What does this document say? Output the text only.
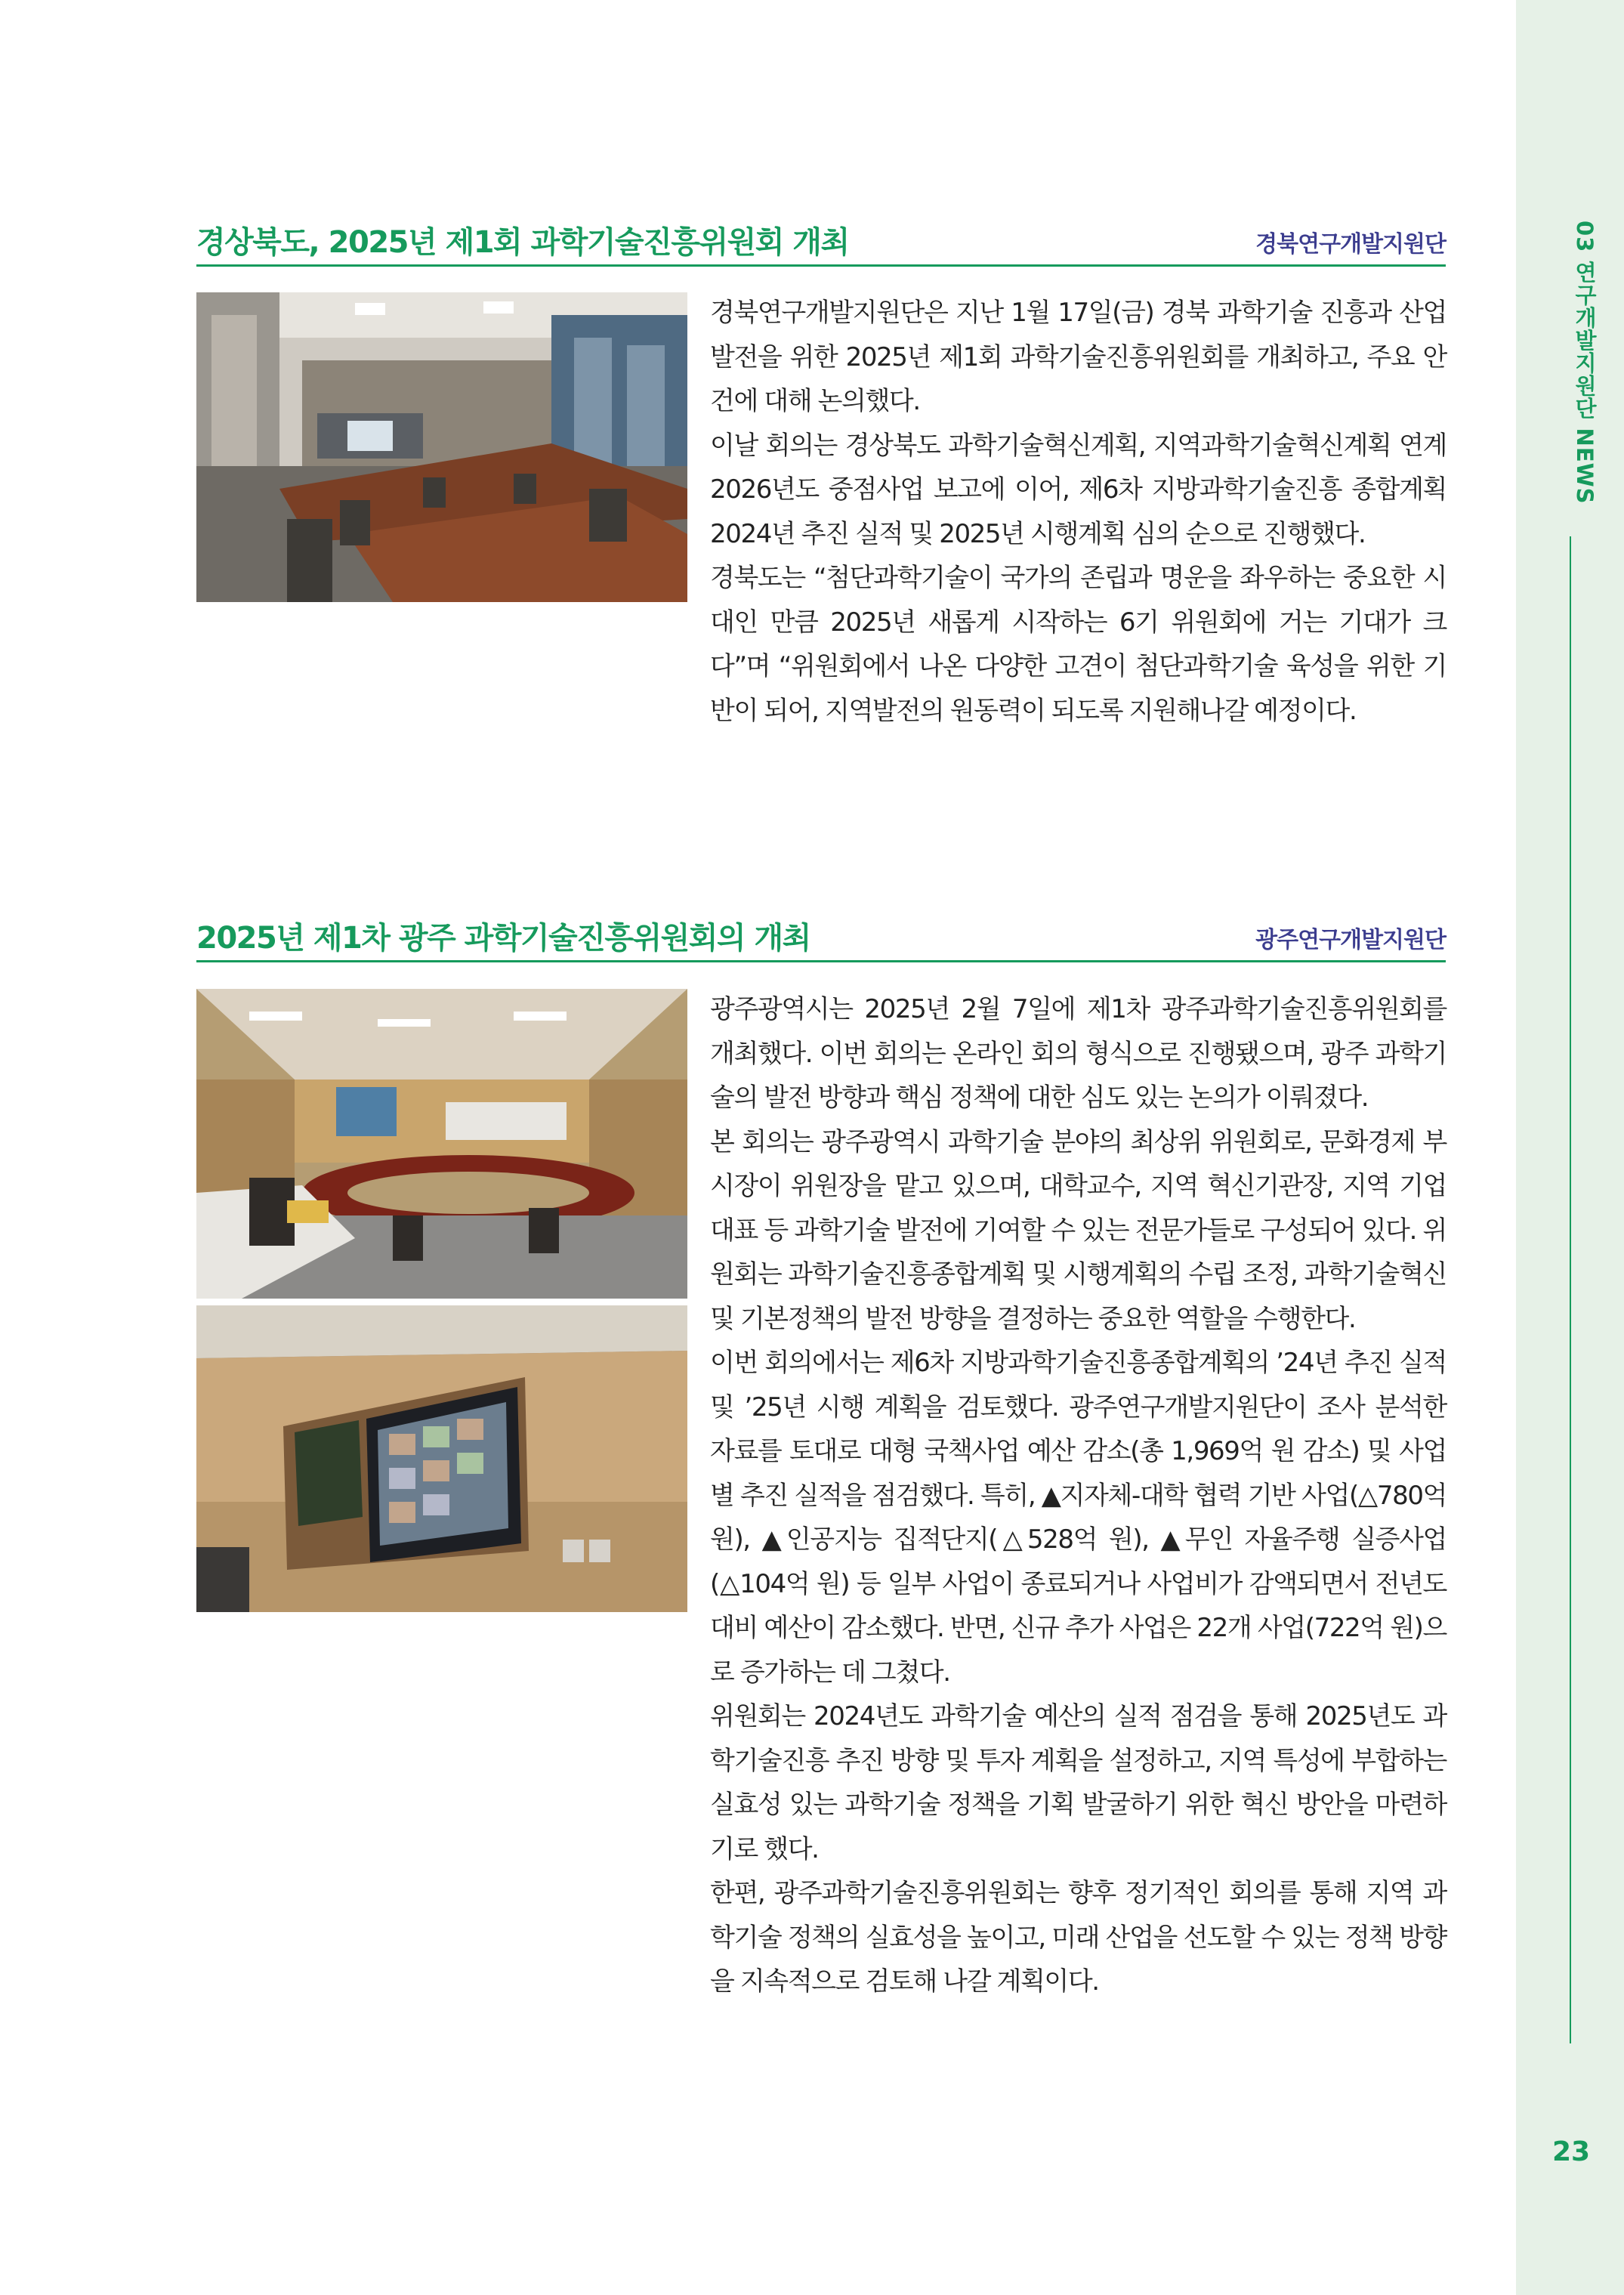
03 연구개발지원단 NEWS
23
경상북도, 2025년 제1회 과학기술진흥위원회 개최	경북연구개발지원단

경북연구개발지원단은 지난 1월 17일(금) 경북 과학기술 진흥과 산업 발전을 위한 2025년 제1회 과학기술진흥위원회를 개최하고, 주요 안건에 대해 논의했다.

이날 회의는 경상북도 과학기술혁신계획, 지역과학기술혁신계획 연계 2026년도 중점사업 보고에 이어, 제6차 지방과학기술진흥 종합계획 2024년 추진 실적 및 2025년 시행계획 심의 순으로 진행했다.

경북도는 “첨단과학기술이 국가의 존립과 명운을 좌우하는 중요한 시대인 만큼 2025년 새롭게 시작하는 6기 위원회에 거는 기대가 크다”며 “위원회에서 나온 다양한 고견이 첨단과학기술 육성을 위한 기반이 되어, 지역발전의 원동력이 되도록 지원해나갈 예정이다.

2025년 제1차 광주 과학기술진흥위원회의 개최	광주연구개발지원단

광주광역시는 2025년 2월 7일에 제1차 광주과학기술진흥위원회를 개최했다. 이번 회의는 온라인 회의 형식으로 진행됐으며, 광주 과학기술의 발전 방향과 핵심 정책에 대한 심도 있는 논의가 이뤄졌다.

본 회의는 광주광역시 과학기술 분야의 최상위 위원회로, 문화경제 부시장이 위원장을 맡고 있으며, 대학교수, 지역 혁신기관장, 지역 기업 대표 등 과학기술 발전에 기여할 수 있는 전문가들로 구성되어 있다. 위원회는 과학기술진흥종합계획 및 시행계획의 수립 조정, 과학기술혁신 및 기본정책의 발전 방향을 결정하는 중요한 역할을 수행한다.

이번 회의에서는 제6차 지방과학기술진흥종합계획의 ’24년 추진 실적 및 ’25년 시행 계획을 검토했다. 광주연구개발지원단이 조사 분석한 자료를 토대로 대형 국책사업 예산 감소(총 1,969억 원 감소) 및 사업별 추진 실적을 점검했다. 특히, ▲지자체-대학 협력 기반 사업(△780억 원), ▲인공지능 집적단지(△528억 원), ▲무인 자율주행 실증사업(△104억 원) 등 일부 사업이 종료되거나 사업비가 감액되면서 전년도 대비 예산이 감소했다. 반면, 신규 추가 사업은 22개 사업(722억 원)으로 증가하는 데 그쳤다.

위원회는 2024년도 과학기술 예산의 실적 점검을 통해 2025년도 과학기술진흥 추진 방향 및 투자 계획을 설정하고, 지역 특성에 부합하는 실효성 있는 과학기술 정책을 기획 발굴하기 위한 혁신 방안을 마련하기로 했다.

한편, 광주과학기술진흥위원회는 향후 정기적인 회의를 통해 지역 과학기술 정책의 실효성을 높이고, 미래 산업을 선도할 수 있는 정책 방향을 지속적으로 검토해 나갈 계획이다.
